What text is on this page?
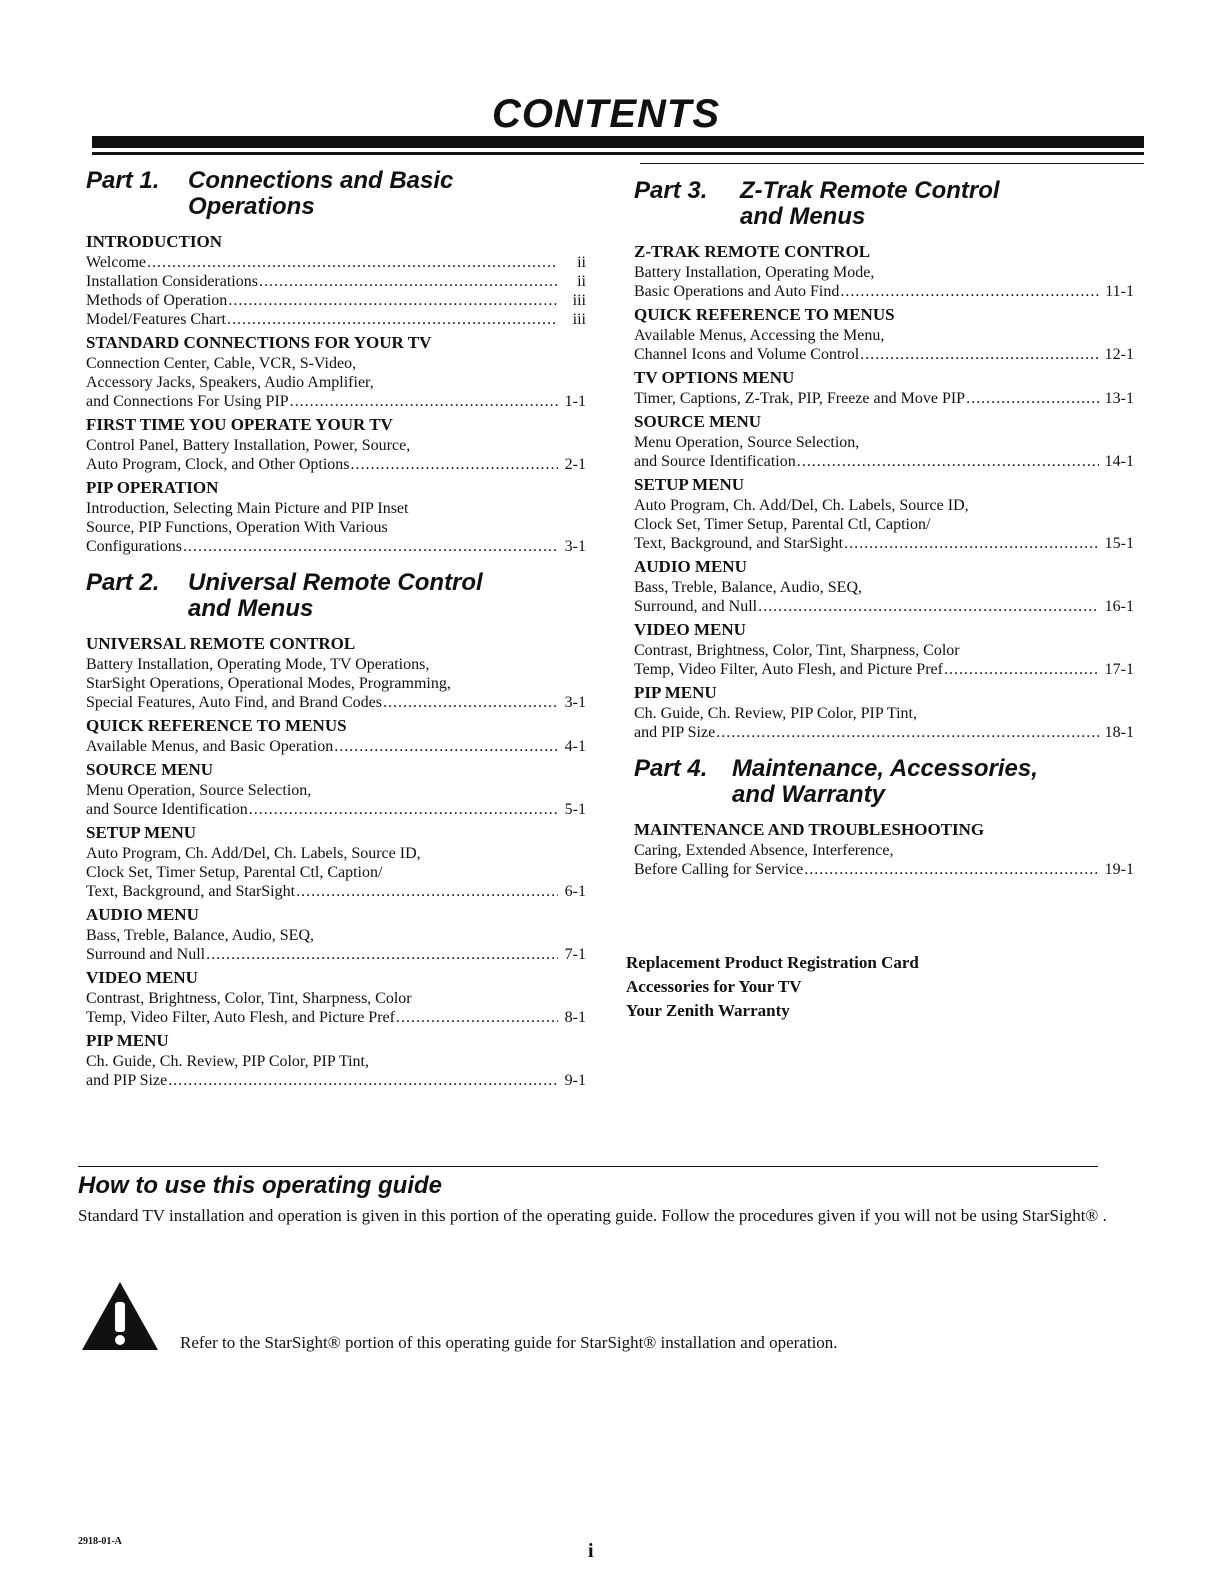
CONTENTS
Part 1. Connections and Basic
Operations
INTRODUCTION
Welcome . . .	ii
Installation Considerations . . .	ii
Methods of Operation . . .	iii
Model/Features Chart . . .	iii
STANDARD CONNECTIONS FOR YOUR TV
Connection Center, Cable, VCR, S-Video,
Accessory Jacks, Speakers, Audio Amplifier,
and Connections For Using PIP . . .	1-1
FIRST TIME YOU OPERATE YOUR TV
Control Panel, Battery Installation, Power, Source,
Auto Program, Clock, and Other Options . . .	2-1
PIP OPERATION
Introduction, Selecting Main Picture and PIP Inset
Source, PIP Functions, Operation With Various
Configurations . . .	3-1
Part 2. Universal Remote Control
and Menus
UNIVERSAL REMOTE CONTROL
Battery Installation, Operating Mode, TV Operations,
StarSight Operations, Operational Modes, Programming,
Special Features, Auto Find, and Brand Codes . . .	3-1
QUICK REFERENCE TO MENUS
Available Menus, and Basic Operation . . .	4-1
SOURCE MENU
Menu Operation, Source Selection,
and Source Identification . . .	5-1
SETUP MENU
Auto Program, Ch. Add/Del, Ch. Labels, Source ID,
Clock Set, Timer Setup, Parental Ctl, Caption/
Text, Background, and StarSight . . .	6-1
AUDIO MENU
Bass, Treble, Balance, Audio, SEQ,
Surround and Null . . .	7-1
VIDEO MENU
Contrast, Brightness, Color, Tint, Sharpness, Color
Temp, Video Filter, Auto Flesh, and Picture Pref . . .	8-1
PIP MENU
Ch. Guide, Ch. Review, PIP Color, PIP Tint,
and PIP Size . . .	9-1
Part 3. Z-Trak Remote Control
and Menus
Z-TRAK REMOTE CONTROL
Battery Installation, Operating Mode,
Basic Operations and Auto Find . . .	11-1
QUICK REFERENCE TO MENUS
Available Menus, Accessing the Menu,
Channel Icons and Volume Control . . .	12-1
TV OPTIONS MENU
Timer, Captions, Z-Trak, PIP, Freeze and Move PIP . . .	13-1
SOURCE MENU
Menu Operation, Source Selection,
and Source Identification . . .	14-1
SETUP MENU
Auto Program, Ch. Add/Del, Ch. Labels, Source ID,
Clock Set, Timer Setup, Parental Ctl, Caption/
Text, Background, and StarSight . . .	15-1
AUDIO MENU
Bass, Treble, Balance, Audio, SEQ,
Surround, and Null . . .	16-1
VIDEO MENU
Contrast, Brightness, Color, Tint, Sharpness, Color
Temp, Video Filter, Auto Flesh, and Picture Pref . . .	17-1
PIP MENU
Ch. Guide, Ch. Review, PIP Color, PIP Tint,
and PIP Size . . .	18-1
Part 4. Maintenance, Accessories,
and Warranty
MAINTENANCE AND TROUBLESHOOTING
Caring, Extended Absence, Interference,
Before Calling for Service . . .	19-1
Replacement Product Registration Card
Accessories for Your TV
Your Zenith Warranty
How to use this operating guide
Standard TV installation and operation is given in this portion of the operating guide. Follow the procedures given if you will not be using StarSight® .
Refer to the StarSight® portion of this operating guide for StarSight® installation and operation.
2918-01-A	i
